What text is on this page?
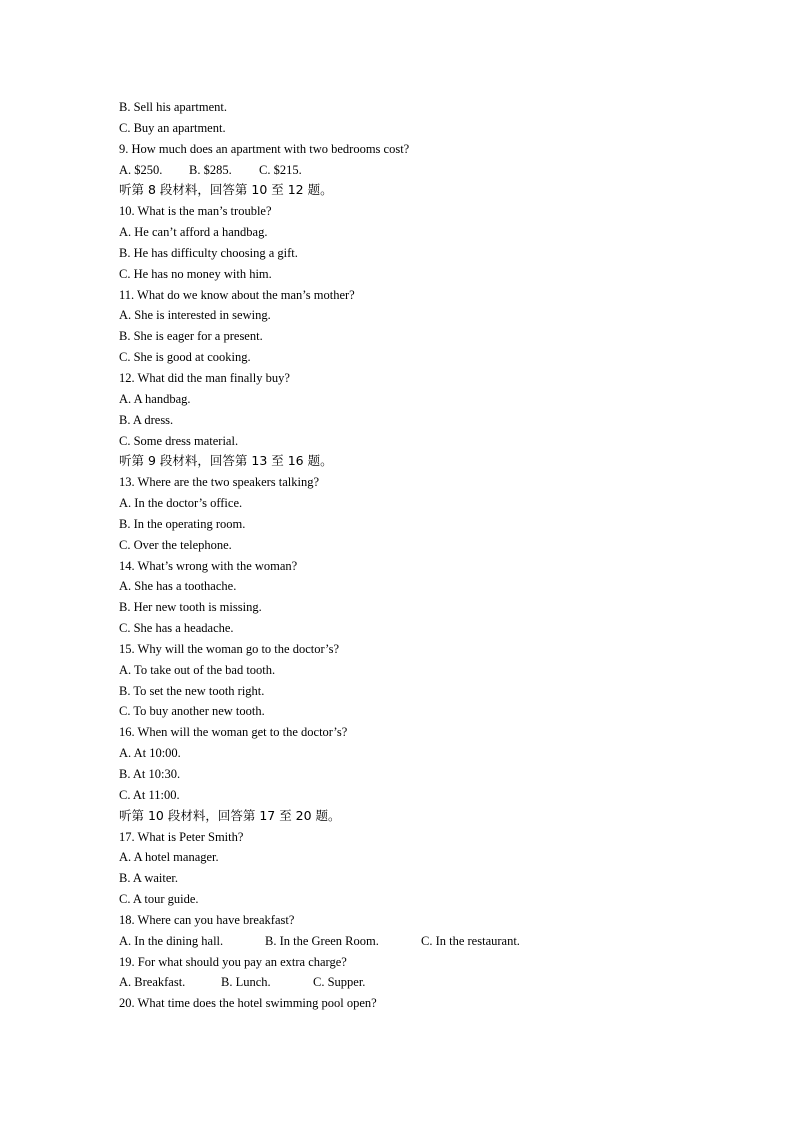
B. Sell his apartment.
C. Buy an apartment.
9. How much does an apartment with two bedrooms cost?
A. $250. B. $285. C. $215.
听第 8 段材料，回答第 10 至 12 题。
10. What is the man’s trouble?
A. He can’t afford a handbag.
B. He has difficulty choosing a gift.
C. He has no money with him.
11. What do we know about the man’s mother?
A. She is interested in sewing.
B. She is eager for a present.
C. She is good at cooking.
12. What did the man finally buy?
A. A handbag.
B. A dress.
C. Some dress material.
听第 9 段材料，回答第 13 至 16 题。
13. Where are the two speakers talking?
A. In the doctor’s office.
B. In the operating room.
C. Over the telephone.
14. What’s wrong with the woman?
A. She has a toothache.
B. Her new tooth is missing.
C. She has a headache.
15. Why will the woman go to the doctor’s?
A. To take out of the bad tooth.
B. To set the new tooth right.
C. To buy another new tooth.
16. When will the woman get to the doctor’s?
A. At 10:00.
B. At 10:30.
C. At 11:00.
听第 10 段材料，回答第 17 至 20 题。
17. What is Peter Smith?
A. A hotel manager.
B. A waiter.
C. A tour guide.
18. Where can you have breakfast?
A. In the dining hall.	B. In the Green Room.	C. In the restaurant.
19. For what should you pay an extra charge?
A. Breakfast.	B. Lunch.	C. Supper.
20. What time does the hotel swimming pool open?
